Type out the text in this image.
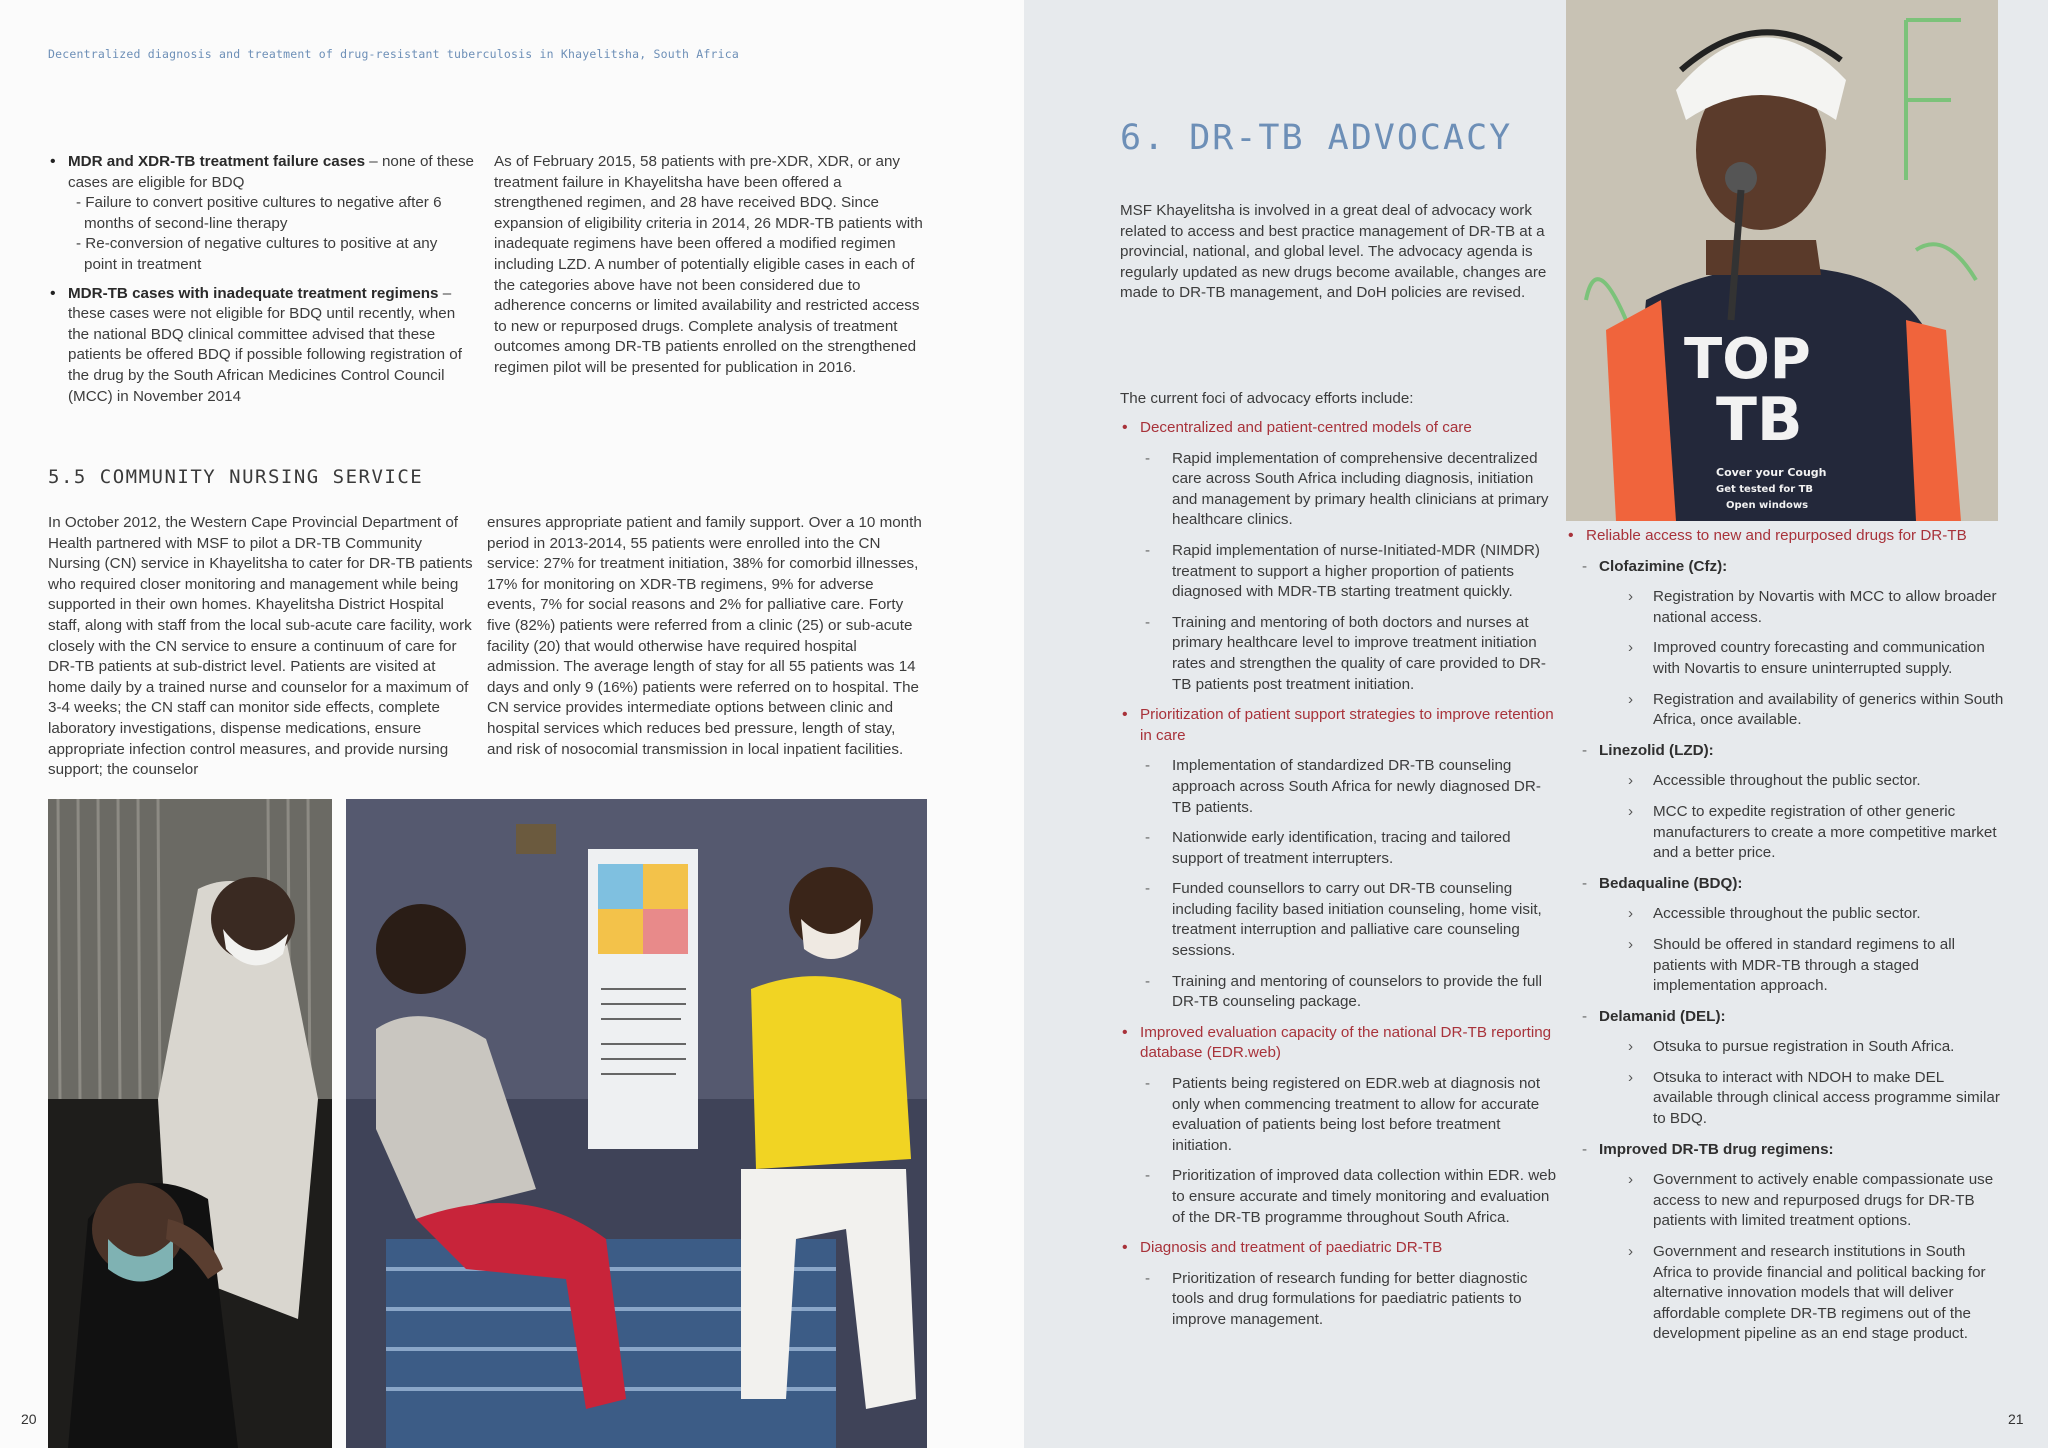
Decentralized diagnosis and treatment of drug-resistant tuberculosis in Khayelitsha, South Africa
• MDR and XDR-TB treatment failure cases – none of these cases are eligible for BDQ
- Failure to convert positive cultures to negative after 6 months of second-line therapy
- Re-conversion of negative cultures to positive at any point in treatment
• MDR-TB cases with inadequate treatment regimens – these cases were not eligible for BDQ until recently, when the national BDQ clinical committee advised that these patients be offered BDQ if possible following registration of the drug by the South African Medicines Control Council (MCC) in November 2014

As of February 2015, 58 patients with pre-XDR, XDR, or any treatment failure in Khayelitsha have been offered a strengthened regimen, and 28 have received BDQ. Since expansion of eligibility criteria in 2014, 26 MDR-TB patients with inadequate regimens have been offered a modified regimen including LZD. A number of potentially eligible cases in each of the categories above have not been considered due to adherence concerns or limited availability and restricted access to new or repurposed drugs. Complete analysis of treatment outcomes among DR-TB patients enrolled on the strengthened regimen pilot will be presented for publication in 2016.

5.5 COMMUNITY NURSING SERVICE

In October 2012, the Western Cape Provincial Department of Health partnered with MSF to pilot a DR-TB Community Nursing (CN) service in Khayelitsha to cater for DR-TB patients who required closer monitoring and management while being supported in their own homes. Khayelitsha District Hospital staff, along with staff from the local sub-acute care facility, work closely with the CN service to ensure a continuum of care for DR-TB patients at sub-district level. Patients are visited at home daily by a trained nurse and counselor for a maximum of 3-4 weeks; the CN staff can monitor side effects, complete laboratory investigations, dispense medications, ensure appropriate infection control measures, and provide nursing support; the counselor

ensures appropriate patient and family support. Over a 10 month period in 2013-2014, 55 patients were enrolled into the CN service: 27% for treatment initiation, 38% for comorbid illnesses, 17% for monitoring on XDR-TB regimens, 9% for adverse events, 7% for social reasons and 2% for palliative care. Forty five (82%) patients were referred from a clinic (25) or sub-acute facility (20) that would otherwise have required hospital admission. The average length of stay for all 55 patients was 14 days and only 9 (16%) patients were referred on to hospital. The CN service provides intermediate options between clinic and hospital services which reduces bed pressure, length of stay, and risk of nosocomial transmission in local inpatient facilities.

20	21
6. DR-TB ADVOCACY

MSF Khayelitsha is involved in a great deal of advocacy work related to access and best practice management of DR-TB at a provincial, national, and global level. The advocacy agenda is regularly updated as new drugs become available, changes are made to DR-TB management, and DoH policies are revised.

The current foci of advocacy efforts include:

• Decentralized and patient-centred models of care
- Rapid implementation of comprehensive decentralized care across South Africa including diagnosis, initiation and management by primary health clinicians at primary healthcare clinics.
- Rapid implementation of nurse-Initiated-MDR (NIMDR) treatment to support a higher proportion of patients diagnosed with MDR-TB starting treatment quickly.
- Training and mentoring of both doctors and nurses at primary healthcare level to improve treatment initiation rates and strengthen the quality of care provided to DR-TB patients post treatment initiation.
• Prioritization of patient support strategies to improve retention in care
- Implementation of standardized DR-TB counseling approach across South Africa for newly diagnosed DR-TB patients.
- Nationwide early identification, tracing and tailored support of treatment interrupters.
- Funded counsellors to carry out DR-TB counseling including facility based initiation counseling, home visit, treatment interruption and palliative care counseling sessions.
- Training and mentoring of counselors to provide the full DR-TB counseling package.
• Improved evaluation capacity of the national DR-TB reporting database (EDR.web)
- Patients being registered on EDR.web at diagnosis not only when commencing treatment to allow for accurate evaluation of patients being lost before treatment initiation.
- Prioritization of improved data collection within EDR. web to ensure accurate and timely monitoring and evaluation of the DR-TB programme throughout South Africa.
• Diagnosis and treatment of paediatric DR-TB
- Prioritization of research funding for better diagnostic tools and drug formulations for paediatric patients to improve management.
TOP
TB
Cover your Cough
Get tested for TB
Open windows
• Reliable access to new and repurposed drugs for DR-TB
- Clofazimine (Cfz):
› Registration by Novartis with MCC to allow broader national access.
› Improved country forecasting and communication with Novartis to ensure uninterrupted supply.
› Registration and availability of generics within South Africa, once available.
- Linezolid (LZD):
› Accessible throughout the public sector.
› MCC to expedite registration of other generic manufacturers to create a more competitive market and a better price.
- Bedaqualine (BDQ):
› Accessible throughout the public sector.
› Should be offered in standard regimens to all patients with MDR-TB through a staged implementation approach.
- Delamanid (DEL):
› Otsuka to pursue registration in South Africa.
› Otsuka to interact with NDOH to make DEL available through clinical access programme similar to BDQ.
- Improved DR-TB drug regimens:
› Government to actively enable compassionate use access to new and repurposed drugs for DR-TB patients with limited treatment options.
› Government and research institutions in South Africa to provide financial and political backing for alternative innovation models that will deliver affordable complete DR-TB regimens out of the development pipeline as an end stage product.
